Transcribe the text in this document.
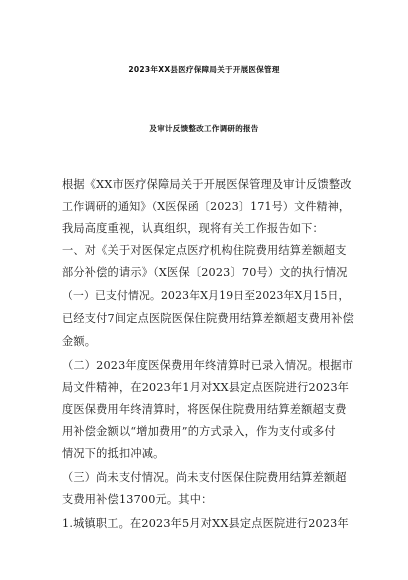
2023年XX县医疗保障局关于开展医保管理
及审计反馈整改工作调研的报告
根据《XX市医疗保障局关于开展医保管理及审计反馈整改
工作调研的通知》（X医保函〔2023〕171号）文件精神，
我局高度重视，认真组织，现将有关工作报告如下：
一、对《关于对医保定点医疗机构住院费用结算差额超支
部分补偿的请示》（X医保〔2023〕70号）文的执行情况
（一）已支付情况。2023年X月19日至2023年X月15日，
已经支付7间定点医院医保住院费用结算差额超支费用补偿
金额。
（二）2023年度医保费用年终清算时已录入情况。根据市
局文件精神，在2023年1月对XX县定点医院进行2023年
度医保费用年终清算时，将医保住院费用结算差额超支费
用补偿金额以“增加费用”的方式录入，作为支付或多付
情况下的抵扣冲减。
（三）尚未支付情况。尚未支付医保住院费用结算差额超
支费用补偿13700元。其中：
1.城镇职工。在2023年5月对XX县定点医院进行2023年
